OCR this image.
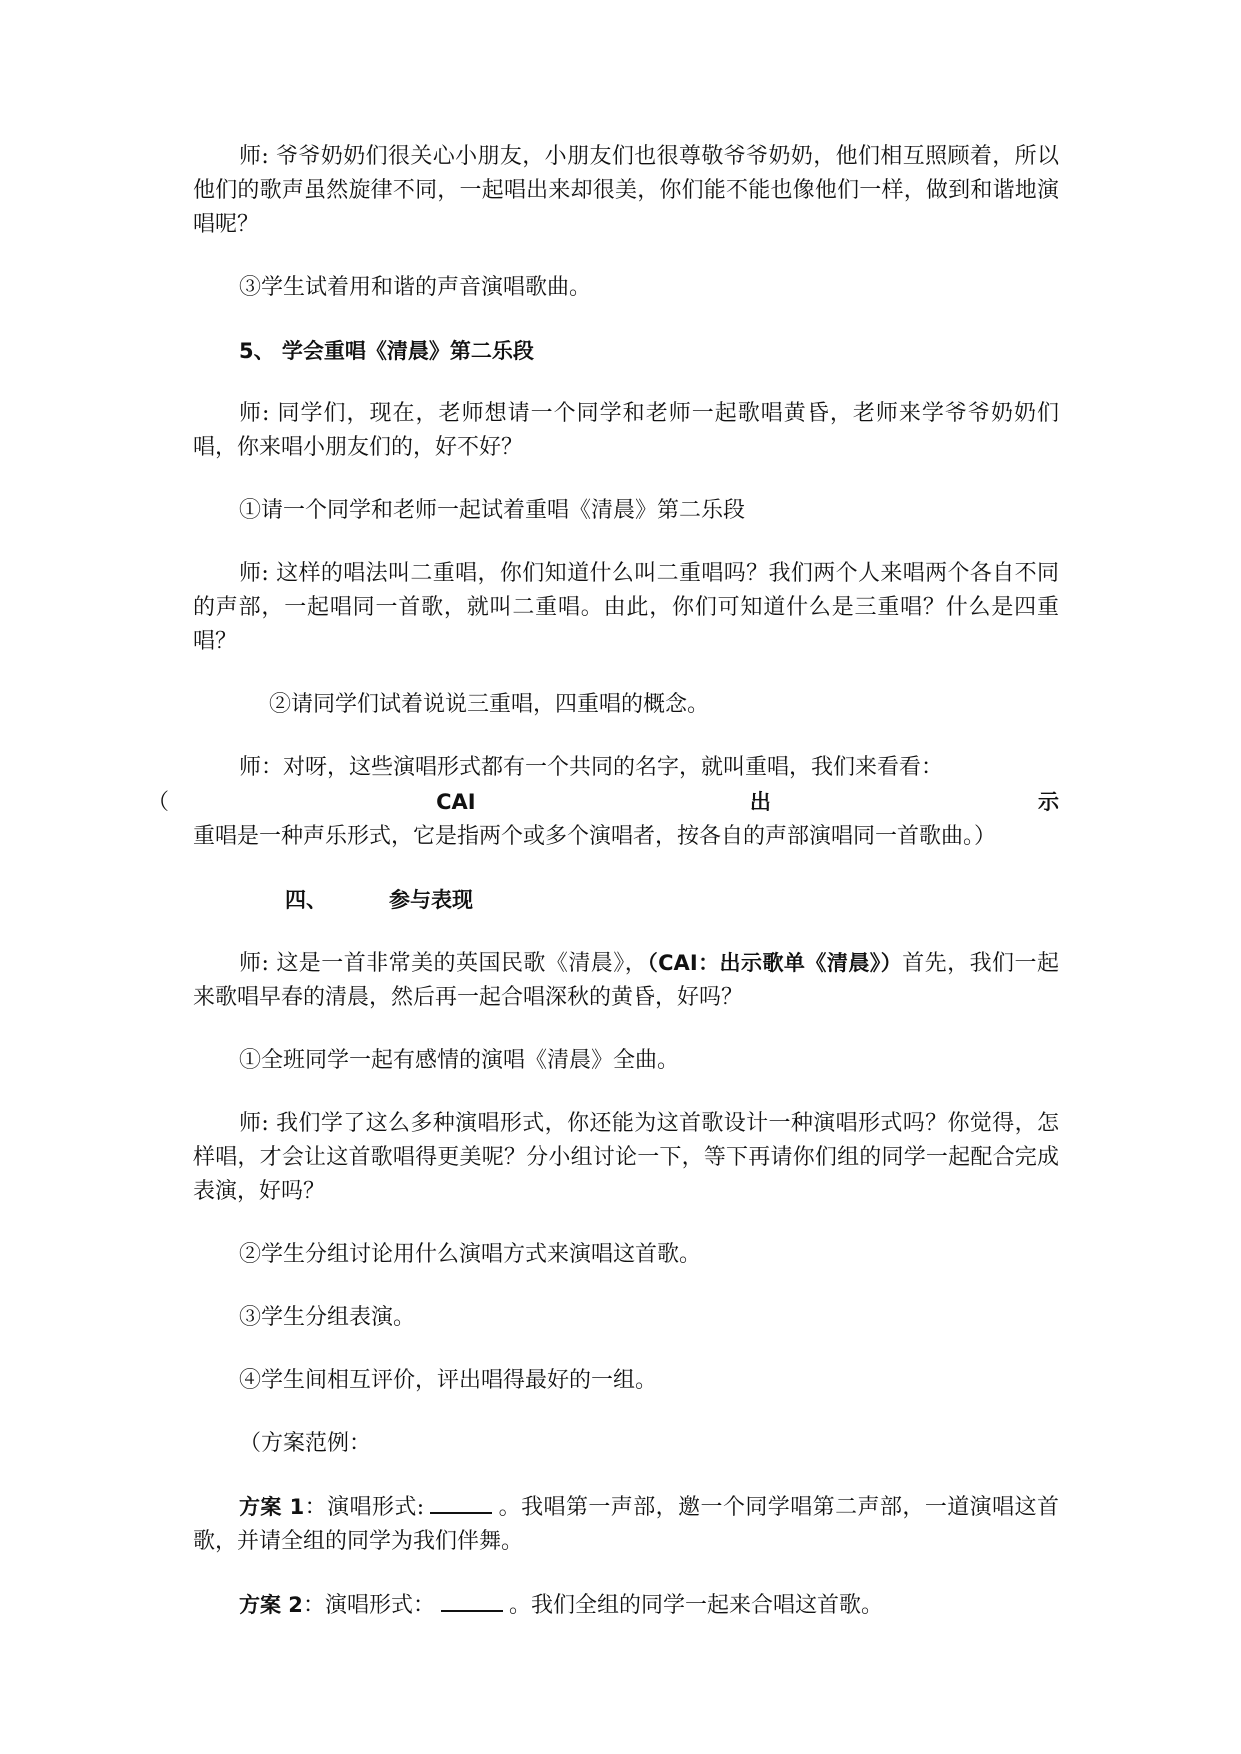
师: 爷爷奶奶们很关心小朋友，小朋友们也很尊敬爷爷奶奶，他们相互照顾着，所以他们的歌声虽然旋律不同，一起唱出来却很美，你们能不能也像他们一样，做到和谐地演唱呢？

③学生试着用和谐的声音演唱歌曲。

5、 学会重唱《清晨》第二乐段

师: 同学们，现在，老师想请一个同学和老师一起歌唱黄昏，老师来学爷爷奶奶们唱，你来唱小朋友们的，好不好？

①请一个同学和老师一起试着重唱《清晨》第二乐段

师: 这样的唱法叫二重唱，你们知道什么叫二重唱吗？我们两个人来唱两个各自不同的声部，一起唱同一首歌，就叫二重唱。由此，你们可知道什么是三重唱？什么是四重唱？

②请同学们试着说说三重唱，四重唱的概念。

师：对呀，这些演唱形式都有一个共同的名字，就叫重唱，我们来看看：
（CAI 出示 重唱是一种声乐形式，它是指两个或多个演唱者，按各自的声部演唱同一首歌曲。）

四、	参与表现

师: 这是一首非常美的英国民歌《清晨》，（CAI：出示歌单《清晨》）首先，我们一起来歌唱早春的清晨，然后再一起合唱深秋的黄昏，好吗？

①全班同学一起有感情的演唱《清晨》全曲。

师: 我们学了这么多种演唱形式，你还能为这首歌设计一种演唱形式吗？你觉得，怎样唱，才会让这首歌唱得更美呢？分小组讨论一下，等下再请你们组的同学一起配合完成表演，好吗？

②学生分组讨论用什么演唱方式来演唱这首歌。

③学生分组表演。

④学生间相互评价，评出唱得最好的一组。

（方案范例：

方案 1：演唱形式:	。我唱第一声部，邀一个同学唱第二声部，一道演唱这首歌，并请全组的同学为我们伴舞。

方案 2：演唱形式：	。我们全组的同学一起来合唱这首歌。
